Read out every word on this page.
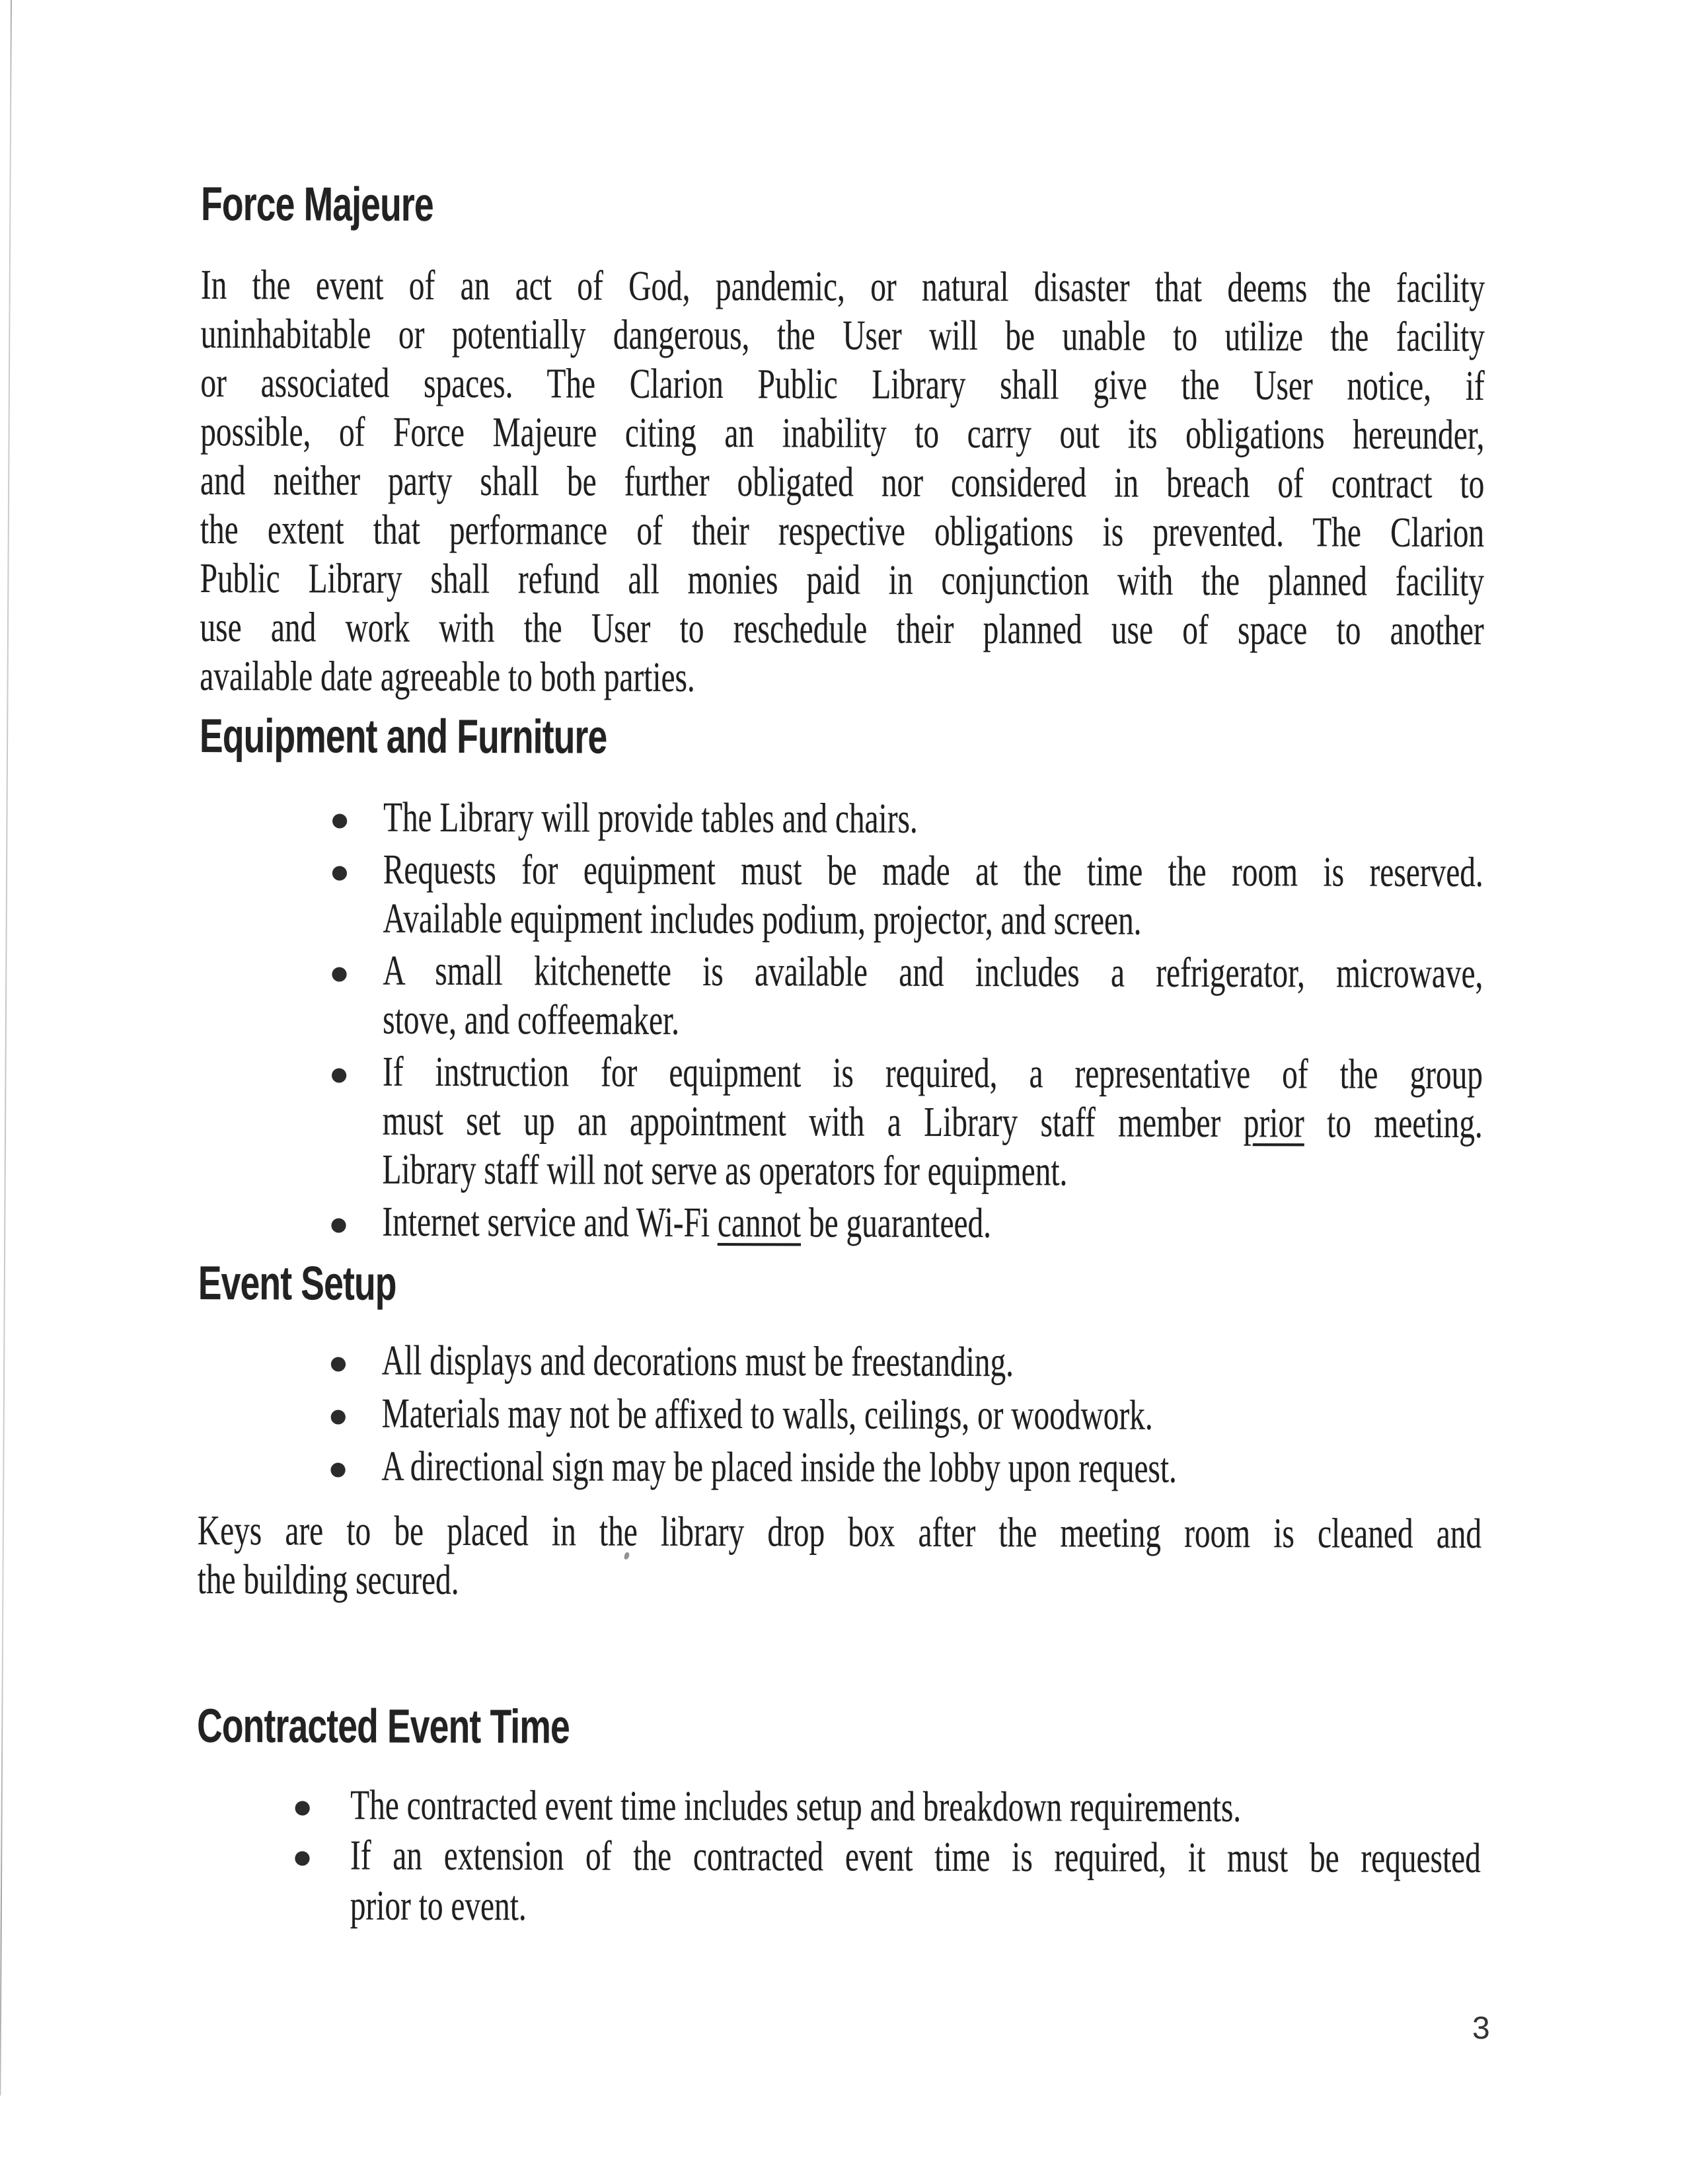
Force Majeure
In the event of an act of God, pandemic, or natural disaster that deems the facility
uninhabitable or potentially dangerous, the User will be unable to utilize the facility
or associated spaces. The Clarion Public Library shall give the User notice, if
possible, of Force Majeure citing an inability to carry out its obligations hereunder,
and neither party shall be further obligated nor considered in breach of contract to
the extent that performance of their respective obligations is prevented. The Clarion
Public Library shall refund all monies paid in conjunction with the planned facility
use and work with the User to reschedule their planned use of space to another
available date agreeable to both parties.
Equipment and Furniture
The Library will provide tables and chairs.
Requests for equipment must be made at the time the room is reserved.
Available equipment includes podium, projector, and screen.
A small kitchenette is available and includes a refrigerator, microwave,
stove, and coffeemaker.
If instruction for equipment is required, a representative of the group
must set up an appointment with a Library staff member prior to meeting.
Library staff will not serve as operators for equipment.
Internet service and Wi-Fi cannot be guaranteed.
Event Setup
All displays and decorations must be freestanding.
Materials may not be affixed to walls, ceilings, or woodwork.
A directional sign may be placed inside the lobby upon request.
Keys are to be placed in the library drop box after the meeting room is cleaned and
the building secured.
Contracted Event Time
The contracted event time includes setup and breakdown requirements.
If an extension of the contracted event time is required, it must be requested
prior to event.
3
